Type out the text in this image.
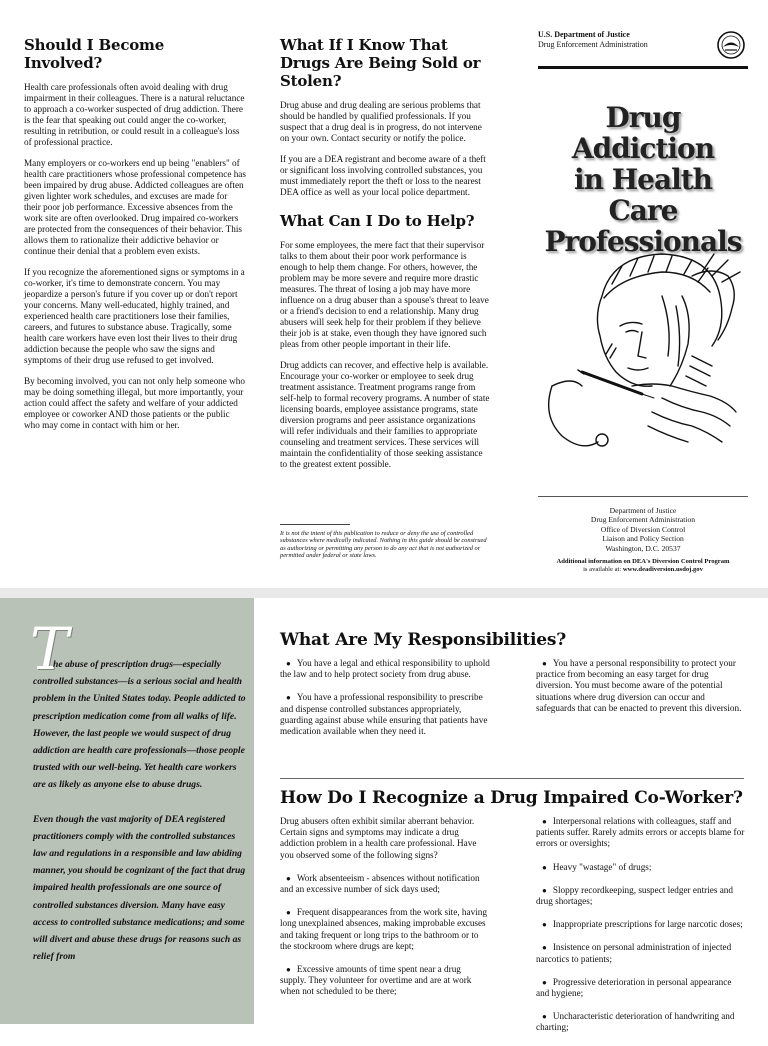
Should I Become Involved?

Health care professionals often avoid dealing with drug impairment in their colleagues. There is a natural reluctance to approach a co-worker suspected of drug addiction. There is the fear that speaking out could anger the co-worker, resulting in retribution, or could result in a colleague's loss of professional practice.

Many employers or co-workers end up being "enablers" of health care practitioners whose professional competence has been impaired by drug abuse. Addicted colleagues are often given lighter work schedules, and excuses are made for their poor job performance. Excessive absences from the work site are often overlooked. Drug impaired co-workers are protected from the consequences of their behavior. This allows them to rationalize their addictive behavior or continue their denial that a problem even exists.

If you recognize the aforementioned signs or symptoms in a co-worker, it's time to demonstrate concern. You may jeopardize a person's future if you cover up or don't report your concerns. Many well-educated, highly trained, and experienced health care practitioners lose their families, careers, and futures to substance abuse. Tragically, some health care workers have even lost their lives to their drug addiction because the people who saw the signs and symptoms of their drug use refused to get involved.

By becoming involved, you can not only help someone who may be doing something illegal, but more importantly, your action could affect the safety and welfare of your addicted employee or coworker AND those patients or the public who may come in contact with him or her.

What If I Know That Drugs Are Being Sold or Stolen?

Drug abuse and drug dealing are serious problems that should be handled by qualified professionals. If you suspect that a drug deal is in progress, do not intervene on your own. Contact security or notify the police.

If you are a DEA registrant and become aware of a theft or significant loss involving controlled substances, you must immediately report the theft or loss to the nearest DEA office as well as your local police department.

What Can I Do to Help?

For some employees, the mere fact that their supervisor talks to them about their poor work performance is enough to help them change. For others, however, the problem may be more severe and require more drastic measures. The threat of losing a job may have more influence on a drug abuser than a spouse's threat to leave or a friend's decision to end a relationship. Many drug abusers will seek help for their problem if they believe their job is at stake, even though they have ignored such pleas from other people important in their life.

Drug addicts can recover, and effective help is available. Encourage your co-worker or employee to seek drug treatment assistance. Treatment programs range from self-help to formal recovery programs. A number of state licensing boards, employee assistance programs, state diversion programs and peer assistance organizations will refer individuals and their families to appropriate counseling and treatment services. These services will maintain the confidentiality of those seeking assistance to the greatest extent possible.

It is not the intent of this publication to reduce or deny the use of controlled substances where medically indicated. Nothing in this guide should be construed as authorizing or permitting any person to do any act that is not authorized or permitted under federal or state laws.

U.S. Department of Justice
Drug Enforcement Administration
Drug Addiction
in Health Care
Professionals
Department of Justice
Drug Enforcement Administration
Office of Diversion Control
Liaison and Policy Section
Washington, D.C. 20537
Additional information on DEA's Diversion Control Program
is available at: www.deadiversion.usdoj.gov
T
he abuse of prescription drugs—especially controlled substances—is a serious social and health problem in the United States today. People addicted to prescription medication come from all walks of life. However, the last people we would suspect of drug addiction are health care professionals—those people trusted with our well-being. Yet health care workers are as likely as anyone else to abuse drugs.
Even though the vast majority of DEA registered practitioners comply with the controlled substances law and regulations in a responsible and law abiding manner, you should be cognizant of the fact that drug impaired health professionals are one source of controlled substances diversion. Many have easy access to controlled substance medications; and some will divert and abuse these drugs for reasons such as relief from
What Are My Responsibilities?

● You have a legal and ethical responsibility to uphold the law and to help protect society from drug abuse.

● You have a professional responsibility to prescribe and dispense controlled substances appropriately, guarding against abuse while ensuring that patients have medication available when they need it.

● You have a personal responsibility to protect your practice from becoming an easy target for drug diversion. You must become aware of the potential situations where drug diversion can occur and safeguards that can be enacted to prevent this diversion.

How Do I Recognize a Drug Impaired Co-Worker?

Drug abusers often exhibit similar aberrant behavior. Certain signs and symptoms may indicate a drug addiction problem in a health care professional. Have you observed some of the following signs?

● Work absenteeism - absences without notification and an excessive number of sick days used;

● Frequent disappearances from the work site, having long unexplained absences, making improbable excuses and taking frequent or long trips to the bathroom or to the stockroom where drugs are kept;

● Excessive amounts of time spent near a drug supply. They volunteer for overtime and are at work when not scheduled to be there;

● Interpersonal relations with colleagues, staff and patients suffer. Rarely admits errors or accepts blame for errors or oversights;

● Heavy "wastage" of drugs;

● Sloppy recordkeeping, suspect ledger entries and drug shortages;

● Inappropriate prescriptions for large narcotic doses;

● Insistence on personal administration of injected narcotics to patients;

● Progressive deterioration in personal appearance and hygiene;

● Uncharacteristic deterioration of handwriting and charting;
